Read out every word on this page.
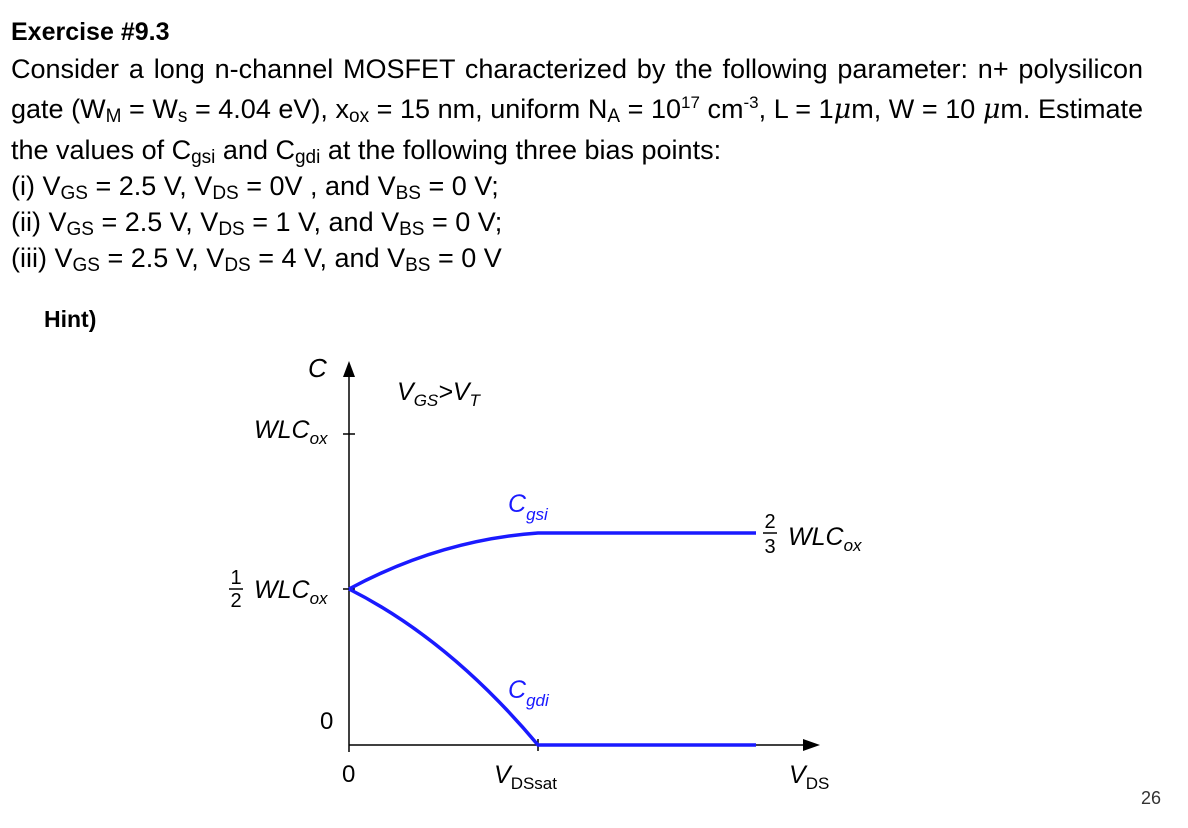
Exercise #9.3
Consider a long n-channel MOSFET characterized by the following parameter: n+ polysilicon gate ($W_M = W_s = 4.04$ eV), $x_{ox} = 15$ nm, uniform $N_A = 10^{17}$ $cm^{-3}$, L = 1μm, W = 10 μm. Estimate the values of $C_{gsi}$ and $C_{gdi}$ at the following three bias points:
(i) $V_{GS} = 2.5$ V, $V_{DS} = 0V$ , and $V_{BS} = 0$ V;
(ii) $V_{GS} = 2.5$ V, $V_{DS} = 1$ V, and $V_{BS} = 0$ V;
(iii) $V_{GS} = 2.5$ V, $V_{DS} = 4$ V, and $V_{BS} = 0$ V
Hint)
C
$V_{GS}>V_T$
$WLC_{ox}$
1
2 $WLC_{ox}$
0
0
$C_{gsi}$
$C_{gdi}$
2
3 $WLC_{ox}$
$V_{DSsat}$	$V_{DS}$
26
